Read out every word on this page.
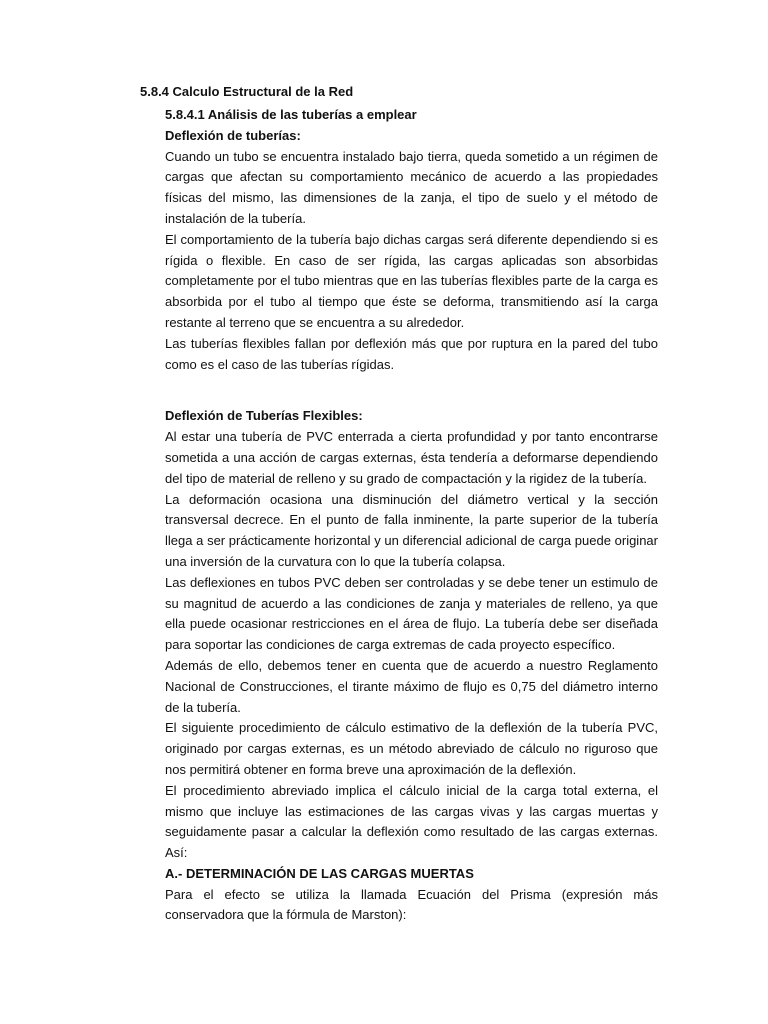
5.8.4 Calculo Estructural de la Red

5.8.4.1 Análisis de las tuberías a emplear

Deflexión de tuberías:

Cuando un tubo se encuentra instalado bajo tierra, queda sometido a un régimen de cargas que afectan su comportamiento mecánico de acuerdo a las propiedades físicas del mismo, las dimensiones de la zanja, el tipo de suelo y el método de instalación de la tubería.

El comportamiento de la tubería bajo dichas cargas será diferente dependiendo si es rígida o flexible. En caso de ser rígida, las cargas aplicadas son absorbidas completamente por el tubo mientras que en las tuberías flexibles parte de la carga es absorbida por el tubo al tiempo que éste se deforma, transmitiendo así la carga restante al terreno que se encuentra a su alrededor.

Las tuberías flexibles fallan por deflexión más que por ruptura en la pared del tubo como es el caso de las tuberías rígidas.

Deflexión de Tuberías Flexibles:

Al estar una tubería de PVC enterrada a cierta profundidad y por tanto encontrarse sometida a una acción de cargas externas, ésta tendería a deformarse dependiendo del tipo de material de relleno y su grado de compactación y la rigidez de la tubería.

La deformación ocasiona una disminución del diámetro vertical y la sección transversal decrece. En el punto de falla inminente, la parte superior de la tubería llega a ser prácticamente horizontal y un diferencial adicional de carga puede originar una inversión de la curvatura con lo que la tubería colapsa.

Las deflexiones en tubos PVC deben ser controladas y se debe tener un estimulo de su magnitud de acuerdo a las condiciones de zanja y materiales de relleno, ya que ella puede ocasionar restricciones en el área de flujo. La tubería debe ser diseñada para soportar las condiciones de carga extremas de cada proyecto específico.

Además de ello, debemos tener en cuenta que de acuerdo a nuestro Reglamento Nacional de Construcciones, el tirante máximo de flujo es 0,75 del diámetro interno de la tubería.

El siguiente procedimiento de cálculo estimativo de la deflexión de la tubería PVC, originado por cargas externas, es un método abreviado de cálculo no riguroso que nos permitirá obtener en forma breve una aproximación de la deflexión.

El procedimiento abreviado implica el cálculo inicial de la carga total externa, el mismo que incluye las estimaciones de las cargas vivas y las cargas muertas y seguidamente pasar a calcular la deflexión como resultado de las cargas externas. Así:

A.- DETERMINACIÓN DE LAS CARGAS MUERTAS

Para el efecto se utiliza la llamada Ecuación del Prisma (expresión más conservadora que la fórmula de Marston):
